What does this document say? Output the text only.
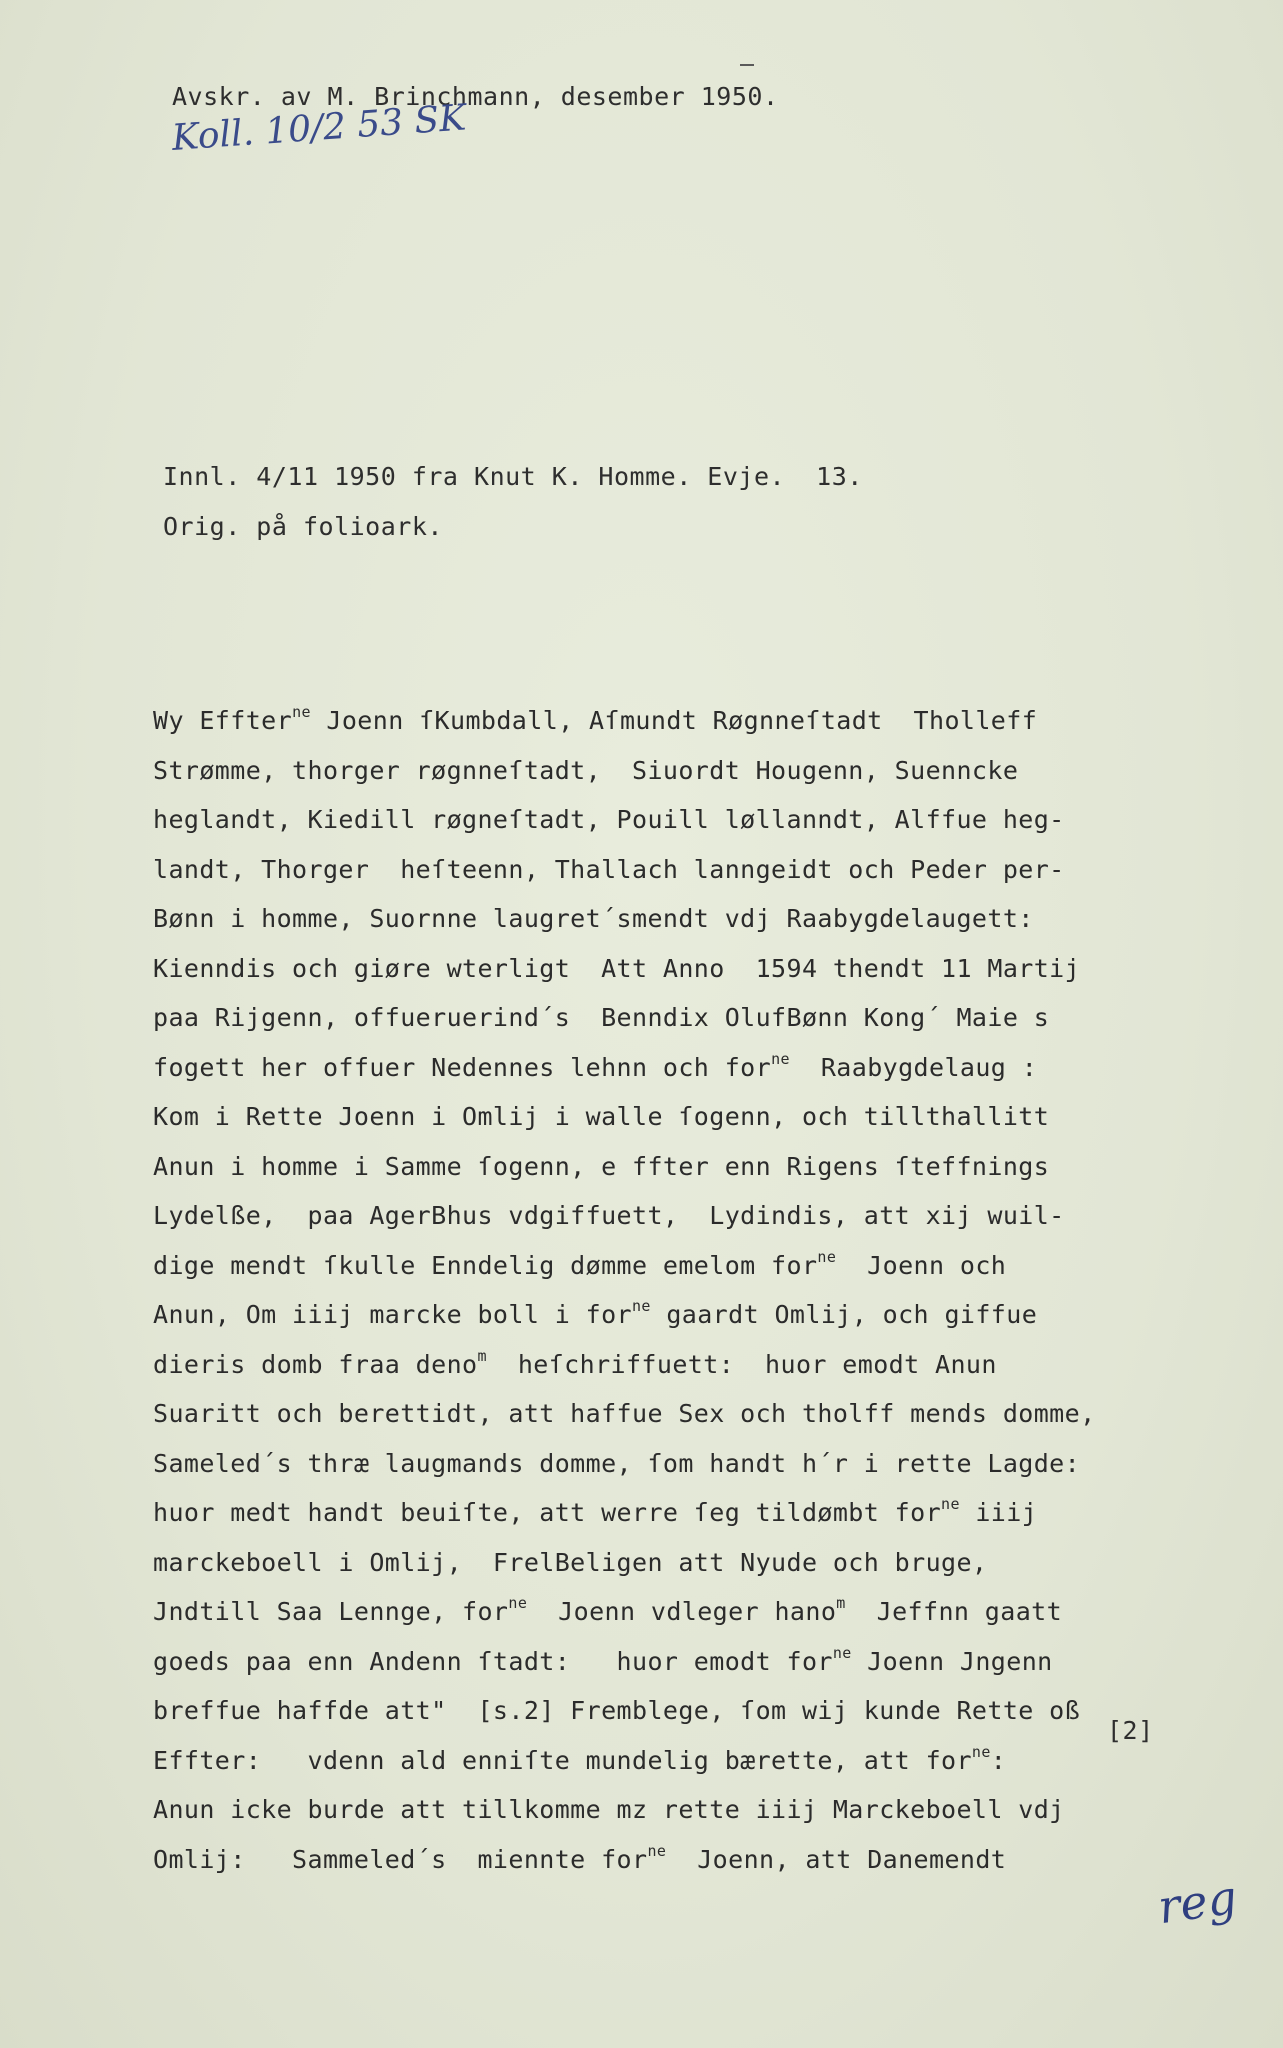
Avskr. av M. Brinchmann, desember 1950.
Koll. 10/2 53 SK
Innl. 4/11 1950 fra Knut K. Homme. Evje.  13.
Orig. på folioark.
Wy Effter$^{ne}$ Joenn ſKumbdall, Aſmundt Røgnneſtadt  Tholleff
Strømme, thorger røgnneſtadt,  Siuordt Hougenn, Suenncke
heglandt, Kiedill røgneſtadt, Pouill løllanndt, Alffue heg-
landt, Thorger  heſteenn, Thallach lanngeidt och Peder per-
Bønn i homme, Suornne laugret´smendt vdj Raabygdelaugett:
Kienndis och giøre wterligt  Att Anno  1594 thendt 11 Martij
paa Rijgenn, offueruerind´s  Benndix OlufBønn Kong´ Maie s
fogett her offuer Nedennes lehnn och for$^{ne}$  Raabygdelaug :
Kom i Rette Joenn i Omlij i walle ſogenn, och tillthallitt
Anun i homme i Samme ſogenn, e ffter enn Rigens ſteffnings
Lydelße,  paa AgerBhus vdgiffuett,  Lydindis, att xij wuil-
dige mendt ſkulle Enndelig dømme emelom for$^{ne}$  Joenn och
Anun, Om iiij marcke boll i for$^{ne}$ gaardt Omlij, och giffue
dieris domb fraa deno$^m$  heſchriffuett:  huor emodt Anun
Suaritt och berettidt, att haffue Sex och tholff mends domme,
Sameled´s thræ laugmands domme, ſom handt h´r i rette Lagde:
huor medt handt beuiſte, att werre ſeg tildømbt for$^{ne}$ iiij
marckeboell i Omlij,  FrelBeligen att Nyude och bruge,
Jndtill Saa Lennge, for$^{ne}$  Joenn vdleger hano$^m$  Jeffnn gaatt
goeds paa enn Andenn ſtadt:   huor emodt for$^{ne}$ Joenn Jngenn
breffue haffde att"  [s.2] Fremblege, ſom wij kunde Rette oß
Effter:   vdenn ald enniſte mundelig bærette, att for$^{ne}$:
Anun icke burde att tillkomme mz rette iiij Marckeboell vdj
Omlij:   Sammeled´s  miennte for$^{ne}$  Joenn, att Danemendt
[2]
reg
